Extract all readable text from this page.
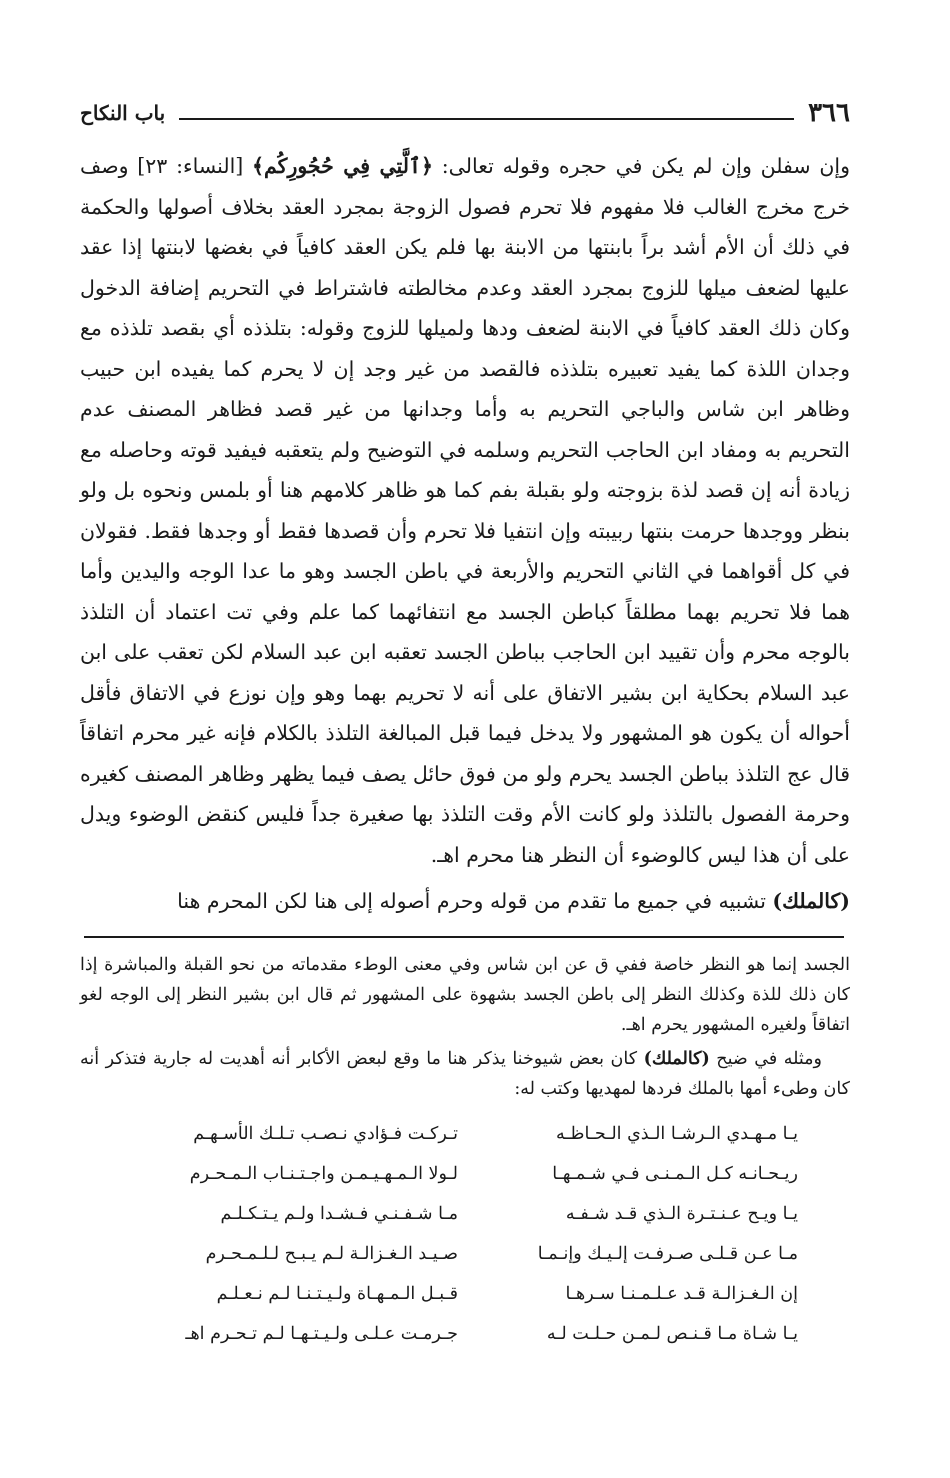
٣٦٦
باب النكاح

وإن سفلن وإن لم يكن في حجره وقوله تعالى: ﴿ٱلَّتِي فِي حُجُورِكُم﴾ [النساء: ٢٣] وصف خرج مخرج الغالب فلا مفهوم فلا تحرم فصول الزوجة بمجرد العقد بخلاف أصولها والحكمة في ذلك أن الأم أشد براً بابنتها من الابنة بها فلم يكن العقد كافياً في بغضها لابنتها إذا عقد عليها لضعف ميلها للزوج بمجرد العقد وعدم مخالطته فاشتراط في التحريم إضافة الدخول وكان ذلك العقد كافياً في الابنة لضعف ودها ولميلها للزوج وقوله: بتلذذه أي بقصد تلذذه مع وجدان اللذة كما يفيد تعبيره بتلذذه فالقصد من غير وجد إن لا يحرم كما يفيده ابن حبيب وظاهر ابن شاس والباجي التحريم به وأما وجدانها من غير قصد فظاهر المصنف عدم التحريم به ومفاد ابن الحاجب التحريم وسلمه في التوضيح ولم يتعقبه فيفيد قوته وحاصله مع زيادة أنه إن قصد لذة بزوجته ولو بقبلة بفم كما هو ظاهر كلامهم هنا أو بلمس ونحوه بل ولو بنظر ووجدها حرمت بنتها ربيبته وإن انتفيا فلا تحرم وأن قصدها فقط أو وجدها فقط. فقولان في كل أقواهما في الثاني التحريم والأربعة في باطن الجسد وهو ما عدا الوجه واليدين وأما هما فلا تحريم بهما مطلقاً كباطن الجسد مع انتفائهما كما علم وفي تت اعتماد أن التلذذ بالوجه محرم وأن تقييد ابن الحاجب بباطن الجسد تعقبه ابن عبد السلام لكن تعقب على ابن عبد السلام بحكاية ابن بشير الاتفاق على أنه لا تحريم بهما وهو وإن نوزع في الاتفاق فأقل أحواله أن يكون هو المشهور ولا يدخل فيما قبل المبالغة التلذذ بالكلام فإنه غير محرم اتفاقاً قال عج التلذذ بباطن الجسد يحرم ولو من فوق حائل يصف فيما يظهر وظاهر المصنف كغيره وحرمة الفصول بالتلذذ ولو كانت الأم وقت التلذذ بها صغيرة جداً فليس كنقض الوضوء ويدل على أن هذا ليس كالوضوء أن النظر هنا محرم اهـ.

(كالملك) تشبيه في جميع ما تقدم من قوله وحرم أصوله إلى هنا لكن المحرم هنا

الجسد إنما هو النظر خاصة ففي ق عن ابن شاس وفي معنى الوطء مقدماته من نحو القبلة والمباشرة إذا كان ذلك للذة وكذلك النظر إلى باطن الجسد بشهوة على المشهور ثم قال ابن بشير النظر إلى الوجه لغو اتفاقاً ولغيره المشهور يحرم اهـ.

ومثله في ضيح (كالملك) كان بعض شيوخنا يذكر هنا ما وقع لبعض الأكابر أنه أهديت له جارية فتذكر أنه كان وطىء أمها بالملك فردها لمهديها وكتب له:

يـا مـهـدي الـرشـا الـذي الـحـاظـه
تـركـت فـؤادي نـصـب تـلـك الأسـهـم
ريـحـانـه كـل الـمـنـى فـي شـمـهـا
لـولا الـمـهـيـمـن واجـتـنـاب الـمـحـرم
يـا ويـح عـنـتـرة الـذي قـد شـفـه
مـا شـفـنـي فـشـدا ولـم يـتـكـلـم
مـا عـن قـلـى صـرفـت إلـيـك وإنـمـا
صـيـد الـغـزالـة لـم يـبـح لـلـمـحـرم
إن الـغـزالـة قـد عـلـمـنـا سـرهـا
قـبـل الـمـهـاة ولـيـتـنـا لـم نـعـلـم
يـا شـاة مـا قـنـص لـمـن حـلـت لـه
جـرمـت عـلـى ولـيـتـهـا لـم تـحـرم اهـ
